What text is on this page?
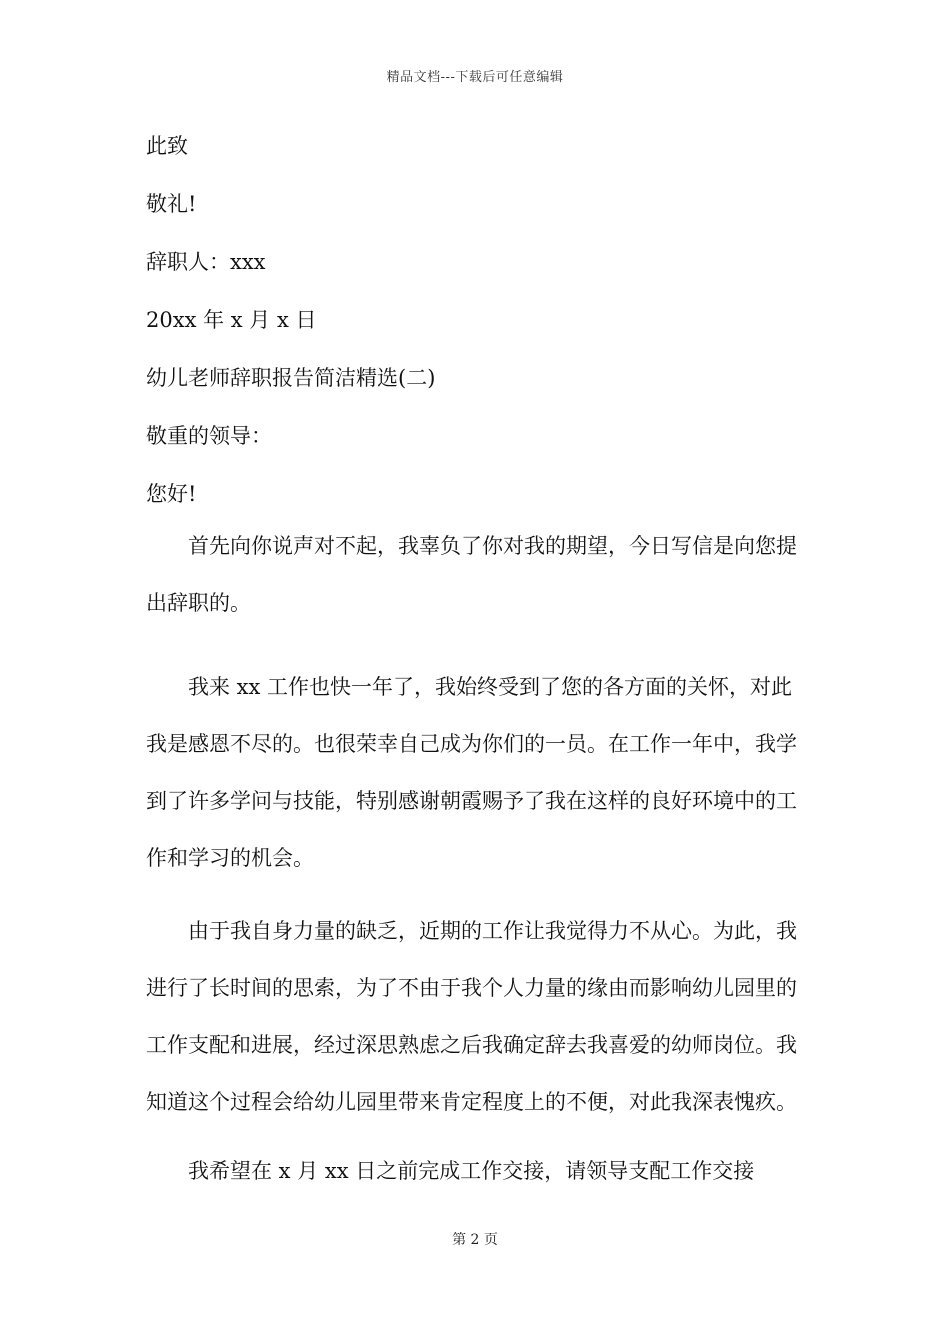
精品文档---下载后可任意编辑

此致

敬礼!

辞职人：xxx

20xx 年 x 月 x 日

幼儿老师辞职报告简洁精选(二)

敬重的领导：

您好!

首先向你说声对不起，我辜负了你对我的期望，今日写信是向您提出辞职的。

我来 xx 工作也快一年了，我始终受到了您的各方面的关怀，对此我是感恩不尽的。也很荣幸自己成为你们的一员。在工作一年中，我学到了许多学问与技能，特别感谢朝霞赐予了我在这样的良好环境中的工作和学习的机会。

由于我自身力量的缺乏，近期的工作让我觉得力不从心。为此，我进行了长时间的思索，为了不由于我个人力量的缘由而影响幼儿园里的工作支配和进展，经过深思熟虑之后我确定辞去我喜爱的幼师岗位。我知道这个过程会给幼儿园里带来肯定程度上的不便，对此我深表愧疚。

我希望在 x 月 xx 日之前完成工作交接，请领导支配工作交接

第 2 页
